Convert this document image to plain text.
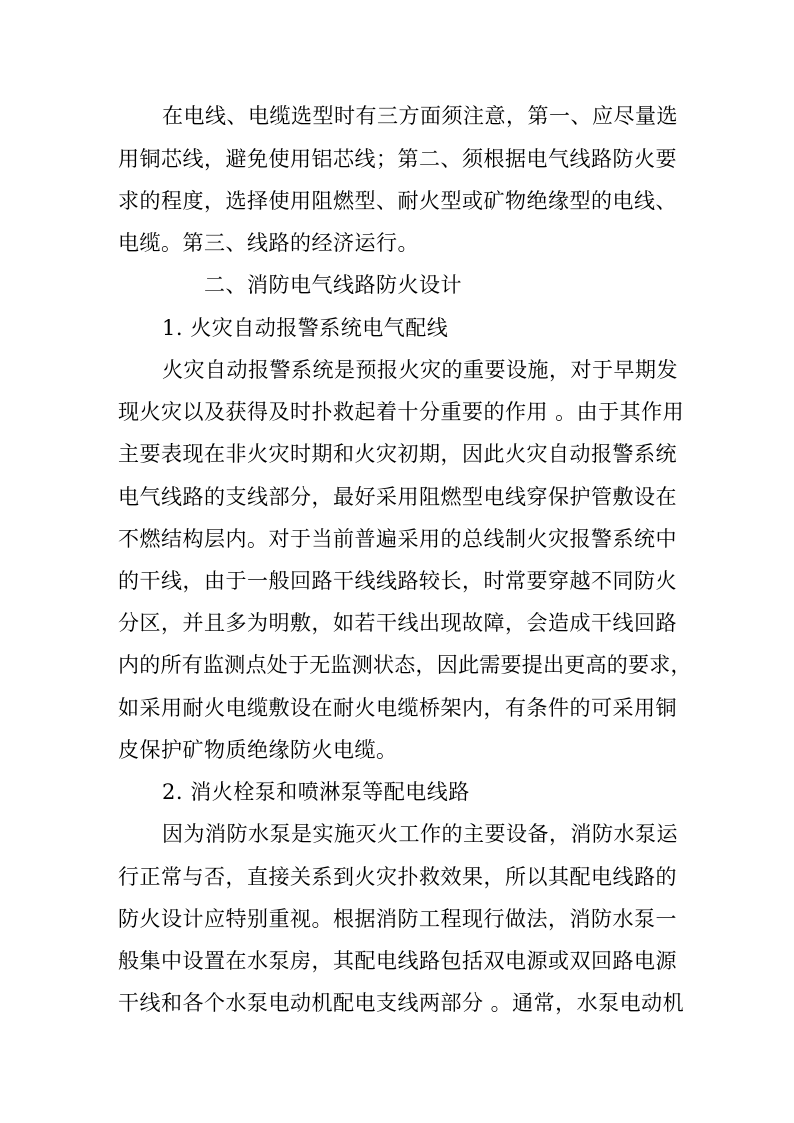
在电线、电缆选型时有三方面须注意，第一、应尽量选
用铜芯线，避免使用铝芯线；第二、须根据电气线路防火要
求的程度，选择使用阻燃型、耐火型或矿物绝缘型的电线、
电缆。第三、线路的经济运行。
二、消防电气线路防火设计
1. 火灾自动报警系统电气配线
火灾自动报警系统是预报火灾的重要设施，对于早期发
现火灾以及获得及时扑救起着十分重要的作用 。由于其作用
主要表现在非火灾时期和火灾初期，因此火灾自动报警系统
电气线路的支线部分，最好采用阻燃型电线穿保护管敷设在
不燃结构层内。对于当前普遍采用的总线制火灾报警系统中
的干线，由于一般回路干线线路较长，时常要穿越不同防火
分区，并且多为明敷，如若干线出现故障，会造成干线回路
内的所有监测点处于无监测状态，因此需要提出更高的要求，
如采用耐火电缆敷设在耐火电缆桥架内，有条件的可采用铜
皮保护矿物质绝缘防火电缆。
2. 消火栓泵和喷淋泵等配电线路
因为消防水泵是实施灭火工作的主要设备，消防水泵运
行正常与否，直接关系到火灾扑救效果，所以其配电线路的
防火设计应特别重视。根据消防工程现行做法，消防水泵一
般集中设置在水泵房，其配电线路包括双电源或双回路电源
干线和各个水泵电动机配电支线两部分 。通常，水泵电动机
